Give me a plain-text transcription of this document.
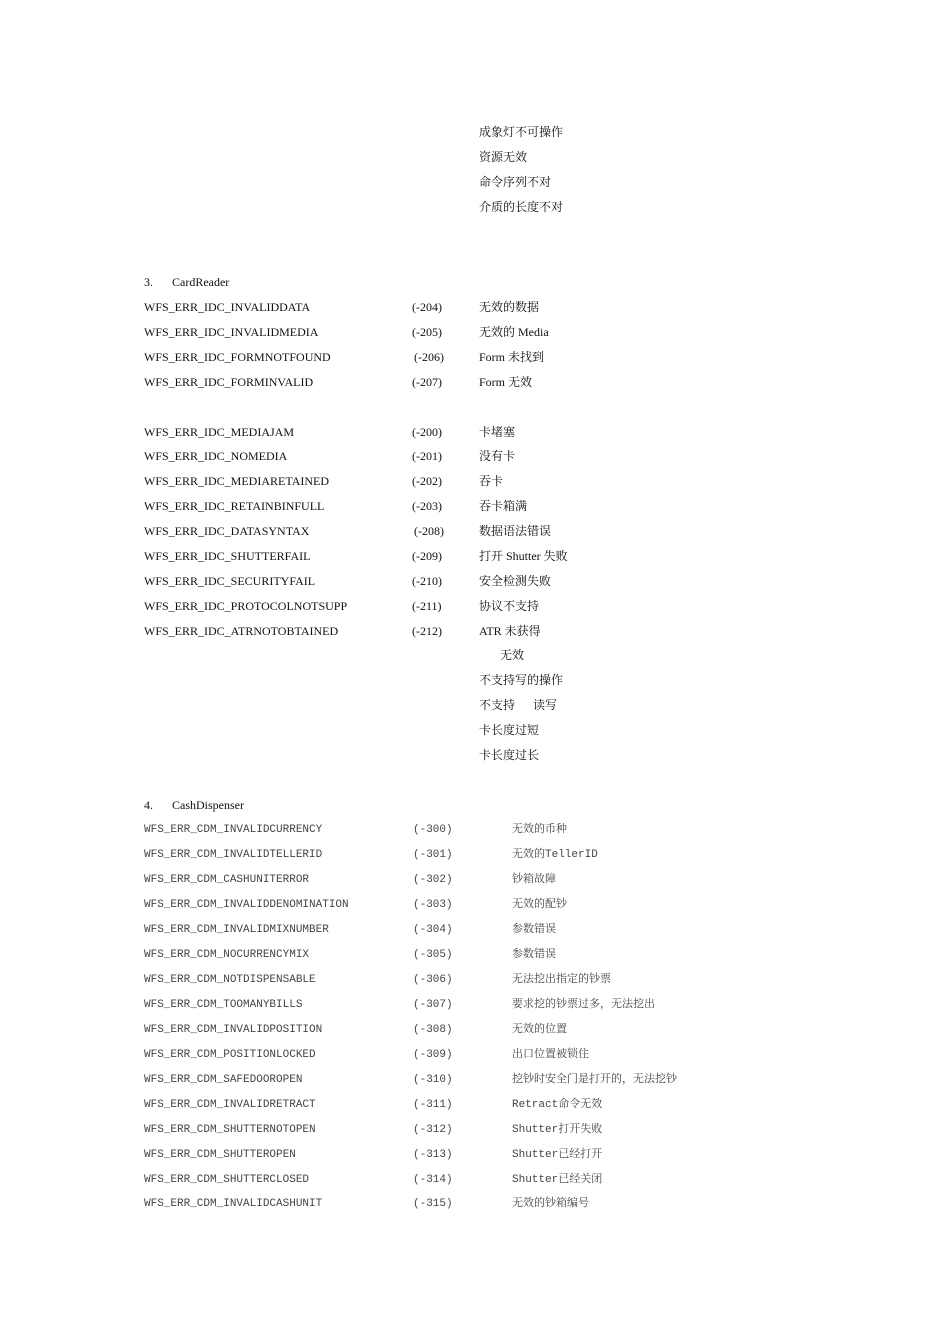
成象灯不可操作
资源无效
命令序列不对
介质的长度不对
3. CardReader
WFS_ERR_IDC_INVALIDDATA	(-204)	无效的数据
WFS_ERR_IDC_INVALIDMEDIA	(-205)	无效的 Media
WFS_ERR_IDC_FORMNOTFOUND	(-206)	Form 未找到
WFS_ERR_IDC_FORMINVALID	(-207)	Form 无效
WFS_ERR_IDC_MEDIAJAM	(-200)	卡堵塞
WFS_ERR_IDC_NOMEDIA	(-201)	没有卡
WFS_ERR_IDC_MEDIARETAINED	(-202)	吞卡
WFS_ERR_IDC_RETAINBINFULL	(-203)	吞卡箱满
WFS_ERR_IDC_DATASYNTAX	(-208)	数据语法错误
WFS_ERR_IDC_SHUTTERFAIL	(-209)	打开 Shutter 失败
WFS_ERR_IDC_SECURITYFAIL	(-210)	安全检测失败
WFS_ERR_IDC_PROTOCOLNOTSUPP	(-211)	协议不支持
WFS_ERR_IDC_ATRNOTOBTAINED	(-212)	ATR 未获得
无效
不支持写的操作
不支持      读写
卡长度过短
卡长度过长
4. CashDispenser
WFS_ERR_CDM_INVALIDCURRENCY	(-300)	无效的币种
WFS_ERR_CDM_INVALIDTELLERID	(-301)	无效的TellerID
WFS_ERR_CDM_CASHUNITERROR	(-302)	钞箱故障
WFS_ERR_CDM_INVALIDDENOMINATION	(-303)	无效的配钞
WFS_ERR_CDM_INVALIDMIXNUMBER	(-304)	参数错误
WFS_ERR_CDM_NOCURRENCYMIX	(-305)	参数错误
WFS_ERR_CDM_NOTDISPENSABLE	(-306)	无法挖出指定的钞票
WFS_ERR_CDM_TOOMANYBILLS	(-307)	要求挖的钞票过多，无法挖出
WFS_ERR_CDM_INVALIDPOSITION	(-308)	无效的位置
WFS_ERR_CDM_POSITIONLOCKED	(-309)	出口位置被锁住
WFS_ERR_CDM_SAFEDOOROPEN	(-310)	挖钞时安全门是打开的，无法挖钞
WFS_ERR_CDM_INVALIDRETRACT	(-311)	Retract命令无效
WFS_ERR_CDM_SHUTTERNOTOPEN	(-312)	Shutter打开失败
WFS_ERR_CDM_SHUTTEROPEN	(-313)	Shutter已经打开
WFS_ERR_CDM_SHUTTERCLOSED	(-314)	Shutter已经关闭
WFS_ERR_CDM_INVALIDCASHUNIT	(-315)	无效的钞箱编号
